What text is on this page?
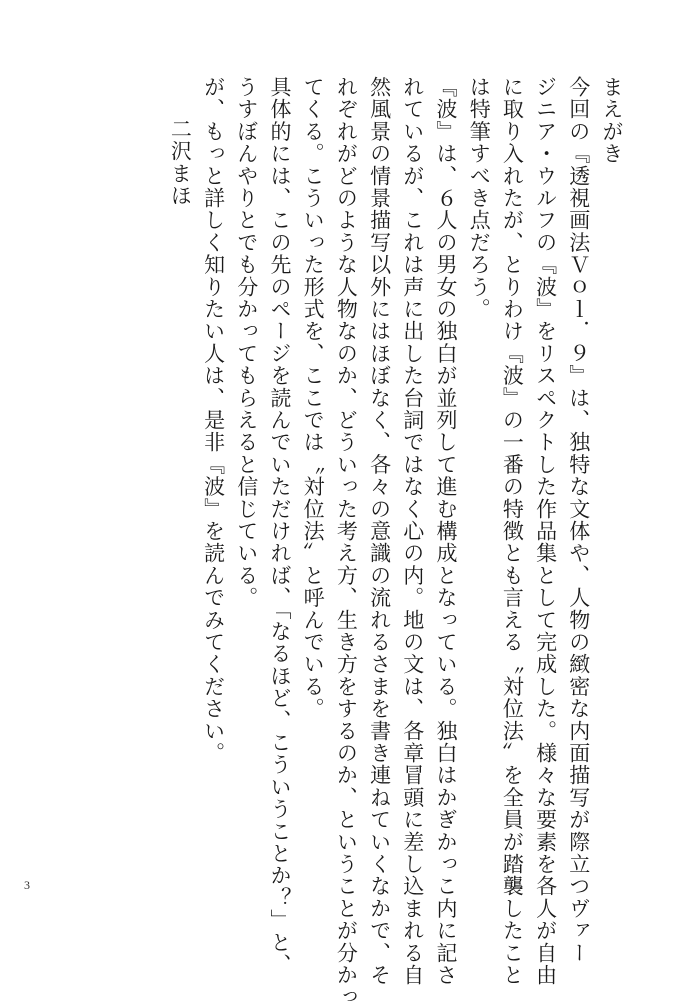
まえがき
今回の『透視画法Ｖｏｌ．９』は、独特な文体や、人物の緻密な内面描写が際立つヴァー
ジニア・ウルフの『波』をリスペクトした作品集として完成した。様々な要素を各人が自由
に取り入れたが、とりわけ『波』の一番の特徴とも言える〝対位法〟を全員が踏襲したこと
は特筆すべき点だろう。
『波』は、６人の男女の独白が並列して進む構成となっている。独白はかぎかっこ内に記さ
れているが、これは声に出した台詞ではなく心の内。地の文は、各章冒頭に差し込まれる自
然風景の情景描写以外にはほぼなく、各々の意識の流れるさまを書き連ねていくなかで、そ
れぞれがどのような人物なのか、どういった考え方、生き方をするのか、ということが分かっ
てくる。こういった形式を、ここでは〝対位法〟と呼んでいる。
具体的には、この先のページを読んでいただければ、「なるほど、こういうことか？」と、
うすぼんやりとでも分かってもらえると信じている。
が、もっと詳しく知りたい人は、是非『波』を読んでみてください。
二沢まほ
3
